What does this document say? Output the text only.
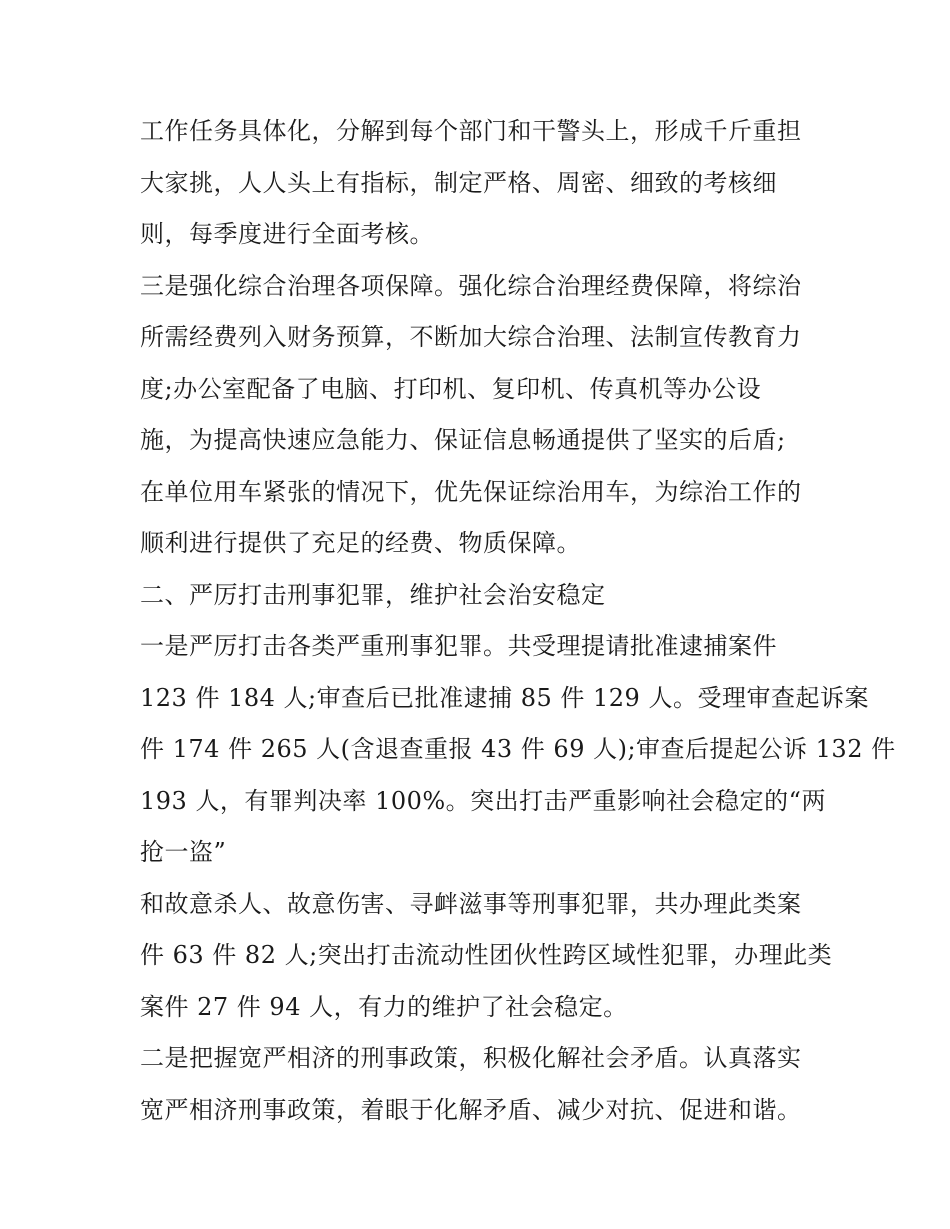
工作任务具体化，分解到每个部门和干警头上，形成千斤重担
大家挑，人人头上有指标，制定严格、周密、细致的考核细
则，每季度进行全面考核。
三是强化综合治理各项保障。强化综合治理经费保障，将综治
所需经费列入财务预算，不断加大综合治理、法制宣传教育力
度;办公室配备了电脑、打印机、复印机、传真机等办公设
施，为提高快速应急能力、保证信息畅通提供了坚实的后盾;
在单位用车紧张的情况下，优先保证综治用车，为综治工作的
顺利进行提供了充足的经费、物质保障。
二、严厉打击刑事犯罪，维护社会治安稳定
一是严厉打击各类严重刑事犯罪。共受理提请批准逮捕案件
123 件 184 人;审查后已批准逮捕 85 件 129 人。受理审查起诉案
件 174 件 265 人(含退查重报 43 件 69 人);审查后提起公诉 132 件
193 人，有罪判决率 100%。突出打击严重影响社会稳定的“两
抢一盗”
和故意杀人、故意伤害、寻衅滋事等刑事犯罪，共办理此类案
件 63 件 82 人;突出打击流动性团伙性跨区域性犯罪，办理此类
案件 27 件 94 人，有力的维护了社会稳定。
二是把握宽严相济的刑事政策，积极化解社会矛盾。认真落实
宽严相济刑事政策，着眼于化解矛盾、减少对抗、促进和谐。
